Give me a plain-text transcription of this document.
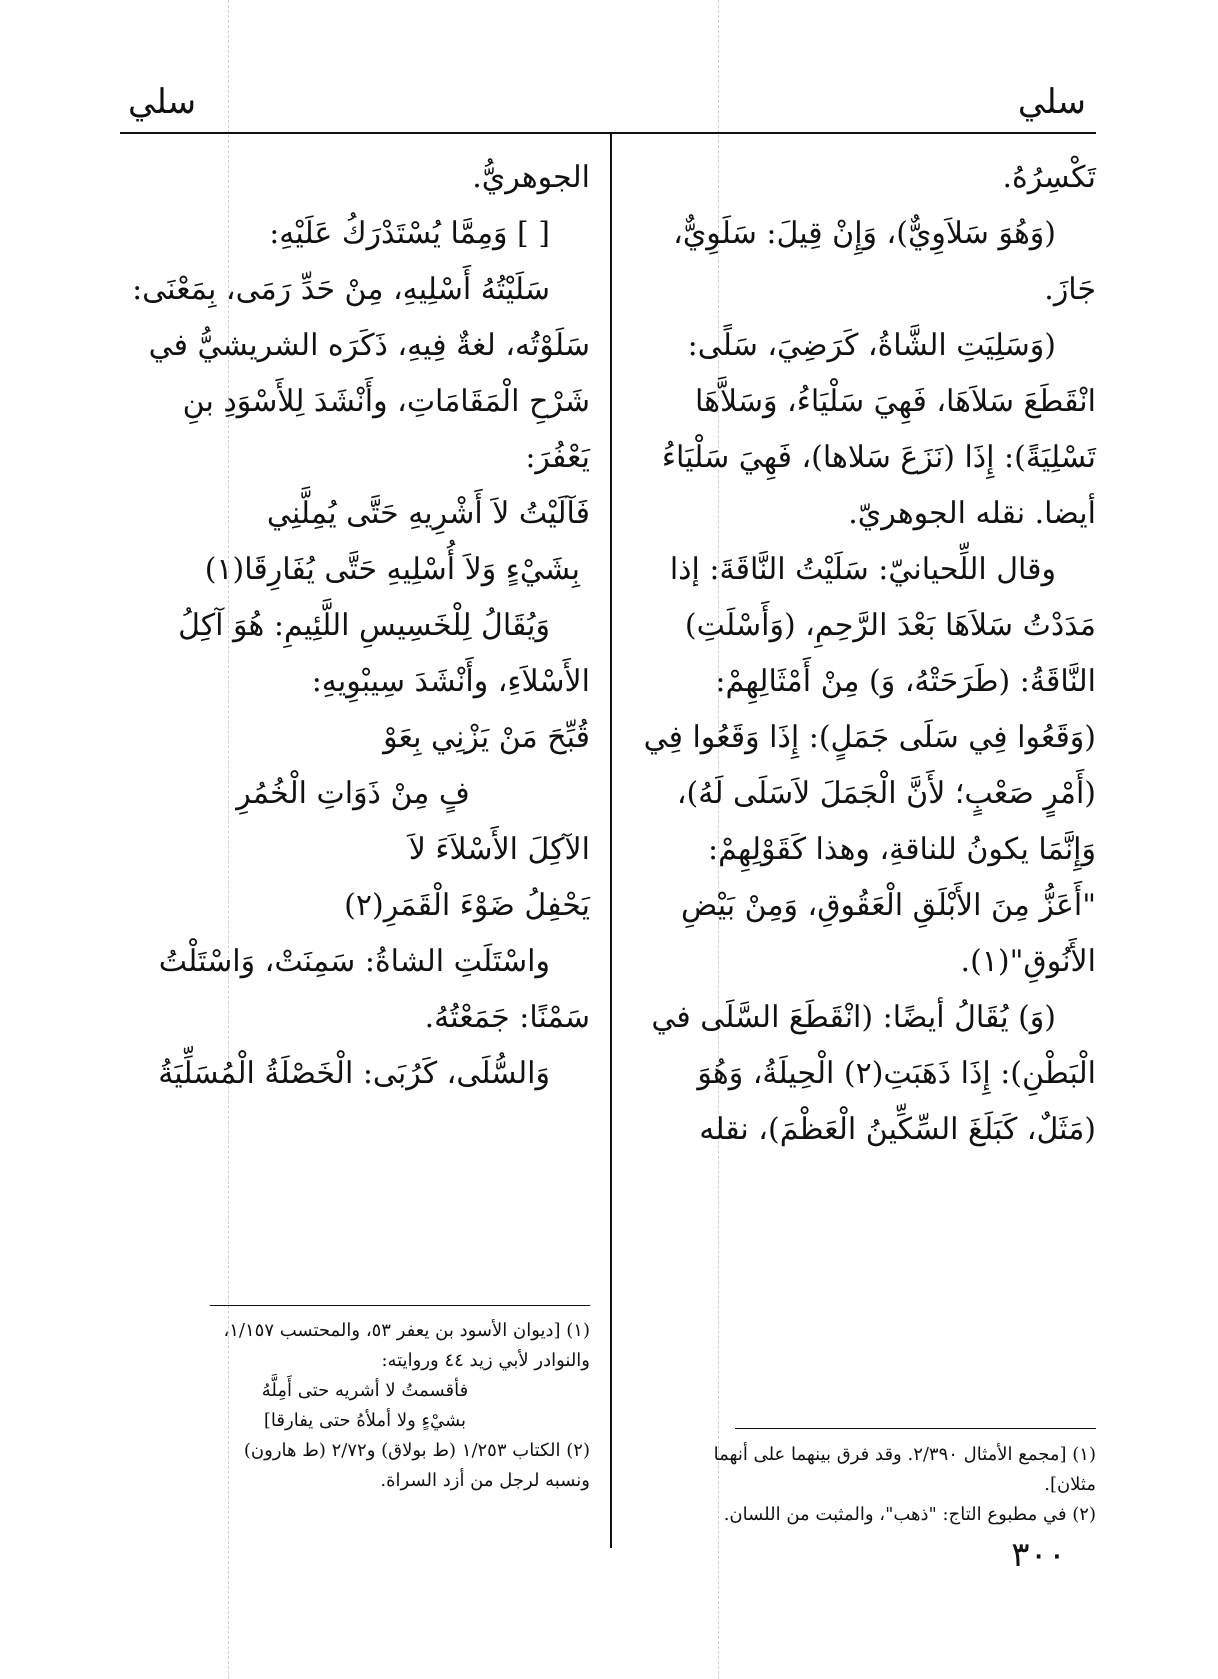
سلي
سلي
تَكْسِرُهُ.
(وَهُوَ سَلاَوِيٌّ)، وَإِنْ قِيلَ: سَلَوِيٌّ،
جَازَ.
(وَسَلِيَتِ الشَّاةُ، كَرَضِيَ، سَلًى:
انْقَطَعَ سَلاَهَا، فَهِيَ سَلْيَاءُ، وَسَلاَّهَا
تَسْلِيَةً): إِذَا (نَزَعَ سَلاها)، فَهِيَ سَلْيَاءُ
أيضا. نقله الجوهريّ.
وقال اللِّحيانيّ: سَلَيْتُ النَّاقَةَ: إذا
مَدَدْتُ سَلاَهَا بَعْدَ الرَّحِمِ، (وَأَسْلَتِ)
النَّاقَةُ: (طَرَحَتْهُ، وَ) مِنْ أَمْثَالِهِمْ:
(وَقَعُوا فِي سَلَى جَمَلٍ): إِذَا وَقَعُوا فِي
(أَمْرٍ صَعْبٍ؛ لأَنَّ الْجَمَلَ لاَسَلَى لَهُ)،
وَإِنَّمَا يكونُ للناقةِ، وهذا كَقَوْلِهِمْ:
"أَعَزُّ مِنَ الأَبْلَقِ الْعَقُوقِ، وَمِنْ بَيْضِ
الأَنُوقِ"(١).
(وَ) يُقَالُ أيضًا: (انْقَطَعَ السَّلَى في
الْبَطْنِ): إِذَا ذَهَبَتِ(٢) الْحِيلَةُ، وَهُوَ
(مَثَلٌ، كَبَلَغَ السِّكِّينُ الْعَظْمَ)، نقله
الجوهريُّ.
[ ] وَمِمَّا يُسْتَدْرَكُ عَلَيْهِ:
سَلَيْتُهُ أَسْلِيهِ، مِنْ حَدِّ رَمَى، بِمَعْنَى:
سَلَوْتُه، لغةٌ فِيهِ، ذَكَرَه الشريشيُّ في
شَرْحِ الْمَقَامَاتِ، وأَنْشَدَ لِلأَسْوَدِ بنِ
يَعْفُرَ:
فَآلَيْتُ لاَ أَشْرِيهِ حَتَّى يُمِلَّنِي
بِشَيْءٍ وَلاَ أُسْلِيهِ حَتَّى يُفَارِقَا(١)
وَيُقَالُ لِلْخَسِيسِ اللَّئِيمِ: هُوَ آكِلُ
الأَسْلاَءِ، وأَنْشَدَ سِيبْوِيهِ:
قُبِّحَ مَنْ يَزْنِي بِعَوْ
فٍ مِنْ ذَوَاتِ الْخُمُرِ
الآكِلَ الأَسْلاَءَ لاَ
يَحْفِلُ ضَوْءَ الْقَمَرِ(٢)
واسْتَلَتِ الشاةُ: سَمِنَتْ، وَاسْتَلْتُ
سَمْنًا: جَمَعْتُهُ.
وَالسُّلَى، كَرُبَى: الْخَصْلَةُ الْمُسَلِّيَةُ
(١) [مجمع الأمثال ٢/٣٩٠. وقد فرق بينهما على أنهما
مثلان].
(٢) في مطبوع التاج: "ذهب"، والمثبت من اللسان.
(١) [ديوان الأسود بن يعفر ٥٣، والمحتسب ١/١٥٧،
والنوادر لأبي زيد ٤٤ وروايته:
فأقسمتُ لا أشريه حتى أَمِلَّهُ
بشيْءٍ ولا أملأهُ حتى يفارقا]
(٢) الكتاب ١/٢٥٣ (ط بولاق) و٢/٧٢ (ط هارون)
ونسبه لرجل من أزد السراة.
٣٠٠
